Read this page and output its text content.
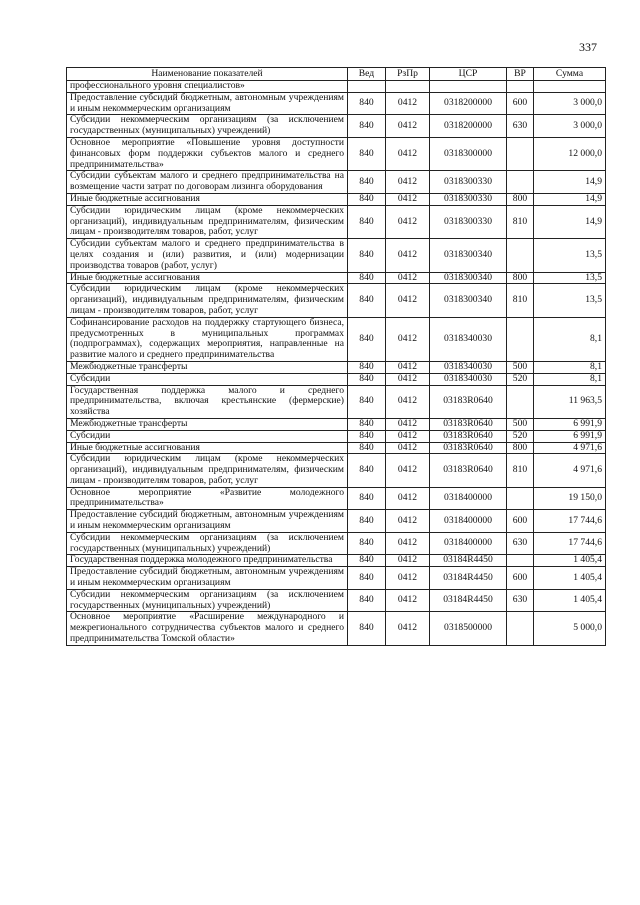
337
Наименование показателей	Вед	РзПр	ЦСР	ВР	Сумма
профессионального уровня специалистов»					
Предоставление субсидий бюджетным, автономным учреждениям и иным некоммерческим организациям	840	0412	0318200000	600	3 000,0
Субсидии некоммерческим организациям (за исключением государственных (муниципальных) учреждений)	840	0412	0318200000	630	3 000,0
Основное мероприятие «Повышение уровня доступности финансовых форм поддержки субъектов малого и среднего предпринимательства»	840	0412	0318300000		12 000,0
Субсидии субъектам малого и среднего предпринимательства на возмещение части затрат по договорам лизинга оборудования	840	0412	0318300330		14,9
Иные бюджетные ассигнования	840	0412	0318300330	800	14,9
Субсидии юридическим лицам (кроме некоммерческих организаций), индивидуальным предпринимателям, физическим лицам - производителям товаров, работ, услуг	840	0412	0318300330	810	14,9
Субсидии субъектам малого и среднего предпринимательства в целях создания и (или) развития, и (или) модернизации производства товаров (работ, услуг)	840	0412	0318300340		13,5
Иные бюджетные ассигнования	840	0412	0318300340	800	13,5
Субсидии юридическим лицам (кроме некоммерческих организаций), индивидуальным предпринимателям, физическим лицам - производителям товаров, работ, услуг	840	0412	0318300340	810	13,5
Софинансирование расходов на поддержку стартующего бизнеса, предусмотренных в муниципальных программах (подпрограммах), содержащих мероприятия, направленные на развитие малого и среднего предпринимательства	840	0412	0318340030		8,1
Межбюджетные трансферты	840	0412	0318340030	500	8,1
Субсидии	840	0412	0318340030	520	8,1
Государственная поддержка малого и среднего предпринимательства, включая крестьянские (фермерские) хозяйства	840	0412	03183R0640		11 963,5
Межбюджетные трансферты	840	0412	03183R0640	500	6 991,9
Субсидии	840	0412	03183R0640	520	6 991,9
Иные бюджетные ассигнования	840	0412	03183R0640	800	4 971,6
Субсидии юридическим лицам (кроме некоммерческих организаций), индивидуальным предпринимателям, физическим лицам - производителям товаров, работ, услуг	840	0412	03183R0640	810	4 971,6
Основное мероприятие «Развитие молодежного предпринимательства»	840	0412	0318400000		19 150,0
Предоставление субсидий бюджетным, автономным учреждениям и иным некоммерческим организациям	840	0412	0318400000	600	17 744,6
Субсидии некоммерческим организациям (за исключением государственных (муниципальных) учреждений)	840	0412	0318400000	630	17 744,6
Государственная поддержка молодежного предпринимательства	840	0412	03184R4450		1 405,4
Предоставление субсидий бюджетным, автономным учреждениям и иным некоммерческим организациям	840	0412	03184R4450	600	1 405,4
Субсидии некоммерческим организациям (за исключением государственных (муниципальных) учреждений)	840	0412	03184R4450	630	1 405,4
Основное мероприятие «Расширение международного и межрегионального сотрудничества субъектов малого и среднего предпринимательства Томской области»	840	0412	0318500000		5 000,0
